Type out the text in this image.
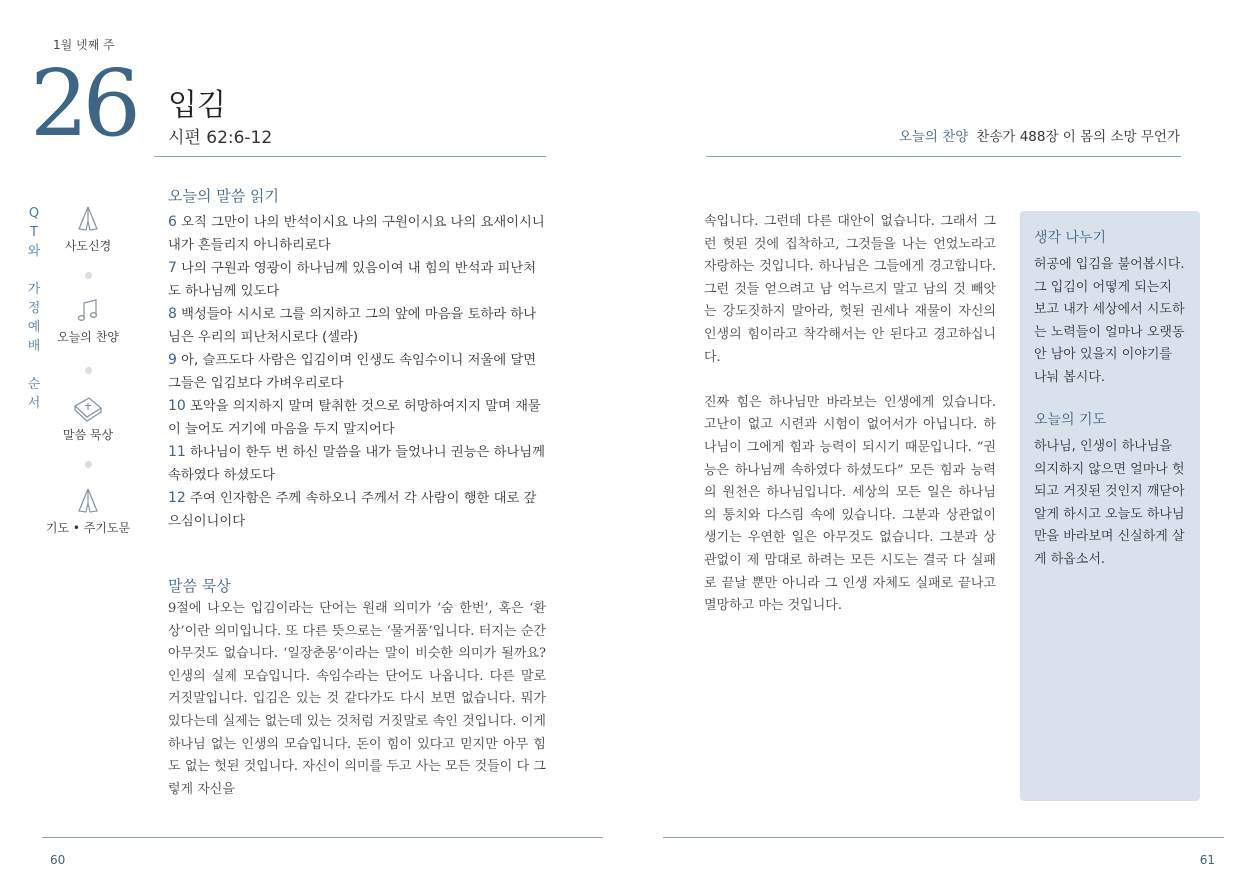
1월 넷째 주
26 입김
시편 62:6-12	오늘의 찬양 찬송가 488장 이 몸의 소망 무언가
Q
T
와
가
정
예
배
순
서
사도신경
오늘의 찬양
말씀 묵상
기도 • 주기도문
오늘의 말씀 읽기

6 오직 그만이 나의 반석이시요 나의 구원이시요 나의 요새이시니 내가 흔들리지 아니하리로다

7 나의 구원과 영광이 하나님께 있음이여 내 힘의 반석과 피난처도 하나님께 있도다

8 백성들아 시시로 그를 의지하고 그의 앞에 마음을 토하라 하나님은 우리의 피난처시로다 (셀라)

9 아, 슬프도다 사람은 입김이며 인생도 속임수이니 저울에 달면 그들은 입김보다 가벼우리로다

10 포악을 의지하지 말며 탈취한 것으로 허망하여지지 말며 재물이 늘어도 거기에 마음을 두지 말지어다

11 하나님이 한두 번 하신 말씀을 내가 들었나니 권능은 하나님께 속하였다 하셨도다

12 주여 인자함은 주께 속하오니 주께서 각 사람이 행한 대로 갚으심이니이다

말씀 묵상

9절에 나오는 입김이라는 단어는 원래 의미가 ‘숨 한번’, 혹은 ‘환상’이란 의미입니다. 또 다른 뜻으로는 ‘물거품’입니다. 터지는 순간 아무것도 없습니다. ‘일장춘몽’이라는 말이 비슷한 의미가 될까요? 인생의 실제 모습입니다. 속임수라는 단어도 나옵니다. 다른 말로 거짓말입니다. 입김은 있는 것 같다가도 다시 보면 없습니다. 뭐가 있다는데 실제는 없는데 있는 것처럼 거짓말로 속인 것입니다. 이게 하나님 없는 인생의 모습입니다. 돈이 힘이 있다고 믿지만 아무 힘도 없는 헛된 것입니다. 자신이 의미를 두고 사는 모든 것들이 다 그렇게 자신을

속입니다. 그런데 다른 대안이 없습니다. 그래서 그런 헛된 것에 집착하고, 그것들을 나는 언었노라고 자랑하는 것입니다. 하나님은 그들에게 경고합니다. 그런 것들 얻으려고 남 억누르지 말고 남의 것 빼앗는 강도짓하지 말아라, 헛된 권세나 재물이 자신의 인생의 힘이라고 착각해서는 안 된다고 경고하십니다.

진짜 힘은 하나님만 바라보는 인생에게 있습니다. 고난이 없고 시련과 시험이 없어서가 아닙니다. 하나님이 그에게 힘과 능력이 되시기 때문입니다. “권능은 하나님께 속하였다 하셨도다” 모든 힘과 능력의 원천은 하나님입니다. 세상의 모든 일은 하나님의 통치와 다스림 속에 있습니다. 그분과 상관없이 생기는 우연한 일은 아무것도 없습니다. 그분과 상관없이 제 맘대로 하려는 모든 시도는 결국 다 실패로 끝날 뿐만 아니라 그 인생 자체도 실패로 끝나고 멸망하고 마는 것입니다.

생각 나누기

허공에 입김을 불어봅시다. 그 입김이 어떻게 되는지 보고 내가 세상에서 시도하는 노력들이 얼마나 오랫동안 남아 있을지 이야기를 나눠 봅시다.

오늘의 기도

하나님, 인생이 하나님을 의지하지 않으면 얼마나 헛되고 거짓된 것인지 깨닫아 알게 하시고 오늘도 하나님만을 바라보며 신실하게 살게 하옵소서.

60	61
